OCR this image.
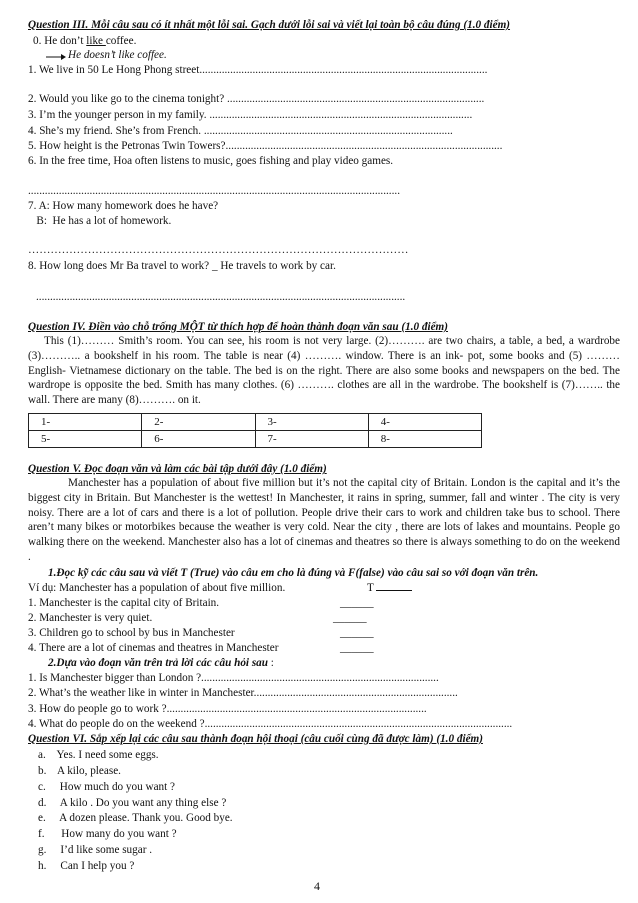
Question III. Mỗi câu sau có ít nhất một lỗi sai. Gạch dưới lỗi sai và viết lại toàn bộ câu đúng (1.0 điểm)
0. He don’t like coffee.
He doesn’t like coffee.
1. We live in 50 Le Hong Phong street.......................................................................................................
2. Would you like go to the cinema tonight? ............................................................................................
3. I’m the younger person in my family. ..............................................................................................
4. She’s my friend. She’s from French. .........................................................................................
5. How height is the Petronas Twin Towers?...................................................................................................
6. In the free time, Hoa often listens to music, goes fishing and play video games.
.....................................................................................................................................
7. A: How many homework does he have?
B:  He has a lot of homework.
…………………………………………………………………………………………
8. How long does Mr Ba travel to work? _ He travels to work by car.
....................................................................................................................................
Question IV. Điền vào chỗ trống MỘT từ thích hợp để hoàn thành đoạn văn sau (1.0 điểm)
This (1)……… Smith’s room. You can see, his room is not very large. (2)………. are two chairs, a table, a bed, a wardrobe (3)……….. a bookshelf in his room. The table is near (4) ………. window. There is an ink- pot, some books and (5) ……… English- Vietnamese dictionary on the table. The bed is on the right. There are also some books and newspapers on the bed. The wardrope is opposite the bed. Smith has many clothes. (6) ………. clothes are all in the wardrobe. The bookshelf is (7)…….. the wall. There are many (8)………. on it.
1-	2-	3-	4-
5-	6-	7-	8-
Question V. Đọc đoạn văn và làm các bài tập dưới đây (1.0 điểm)
Manchester has a population of about five million but it’s not the capital city of Britain. London is the capital and it’s the biggest city in Britain. But Manchester is the wettest! In Manchester, it rains in spring, summer, fall and winter . The city is very noisy. There are a lot of cars and there is a lot of pollution. People drive their cars to work and children take bus to school. There aren’t many bikes or motorbikes because the weather is very cold. Near the city , there are lots of lakes and mountains. People go walking there on the weekend. Manchester also has a lot of cinemas and theatres so there is always something to do on the weekend .
1.Đọc kỹ các câu sau và viết T (True) vào câu em cho là đúng và F(false) vào câu sai so với đoạn văn trên.
Ví dụ: Manchester has a population of about five million.	T
1. Manchester is the capital city of Britain.	______
2. Manchester is very quiet.	______
3. Children go to school by bus in Manchester	______
4. There are a lot of cinemas and theatres in Manchester	______
2.Dựa vào đoạn văn trên trả lời các câu hỏi sau :
1. Is Manchester bigger than London ?.....................................................................................
2. What’s the weather like in winter in Manchester.........................................................................
3. How do people go to work ?.............................................................................................
4. What do people do on the weekend ?..............................................................................................................
Question VI. Sắp xếp lại các câu sau thành đoạn hội thoại (câu cuối cùng đã được làm) (1.0 điểm)
a.    Yes. I need some eggs.
b.    A kilo, please.
c.     How much do you want ?
d.     A kilo . Do you want any thing else ?
e.     A dozen please. Thank you. Good bye.
f.      How many do you want ?
g.     I’d like some sugar .
h.     Can I help you ?
4
